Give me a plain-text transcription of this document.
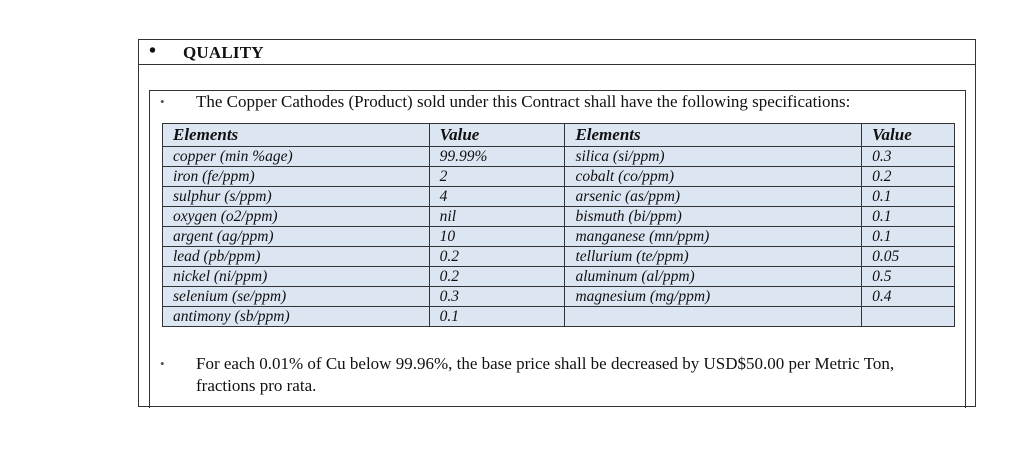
• QUALITY
• The Copper Cathodes (Product) sold under this Contract shall have the following specifications:
Elements	Value	Elements	Value
copper (min %age)	99.99%	silica (si/ppm)	0.3
iron (fe/ppm)	2	cobalt (co/ppm)	0.2
sulphur (s/ppm)	4	arsenic (as/ppm)	0.1
oxygen (o2/ppm)	nil	bismuth (bi/ppm)	0.1
argent (ag/ppm)	10	manganese (mn/ppm)	0.1
lead (pb/ppm)	0.2	tellurium (te/ppm)	0.05
nickel (ni/ppm)	0.2	aluminum (al/ppm)	0.5
selenium (se/ppm)	0.3	magnesium (mg/ppm)	0.4
antimony (sb/ppm)	0.1		
• For each 0.01% of Cu below 99.96%, the base price shall be decreased by USD$50.00 per Metric Ton,
fractions pro rata.
